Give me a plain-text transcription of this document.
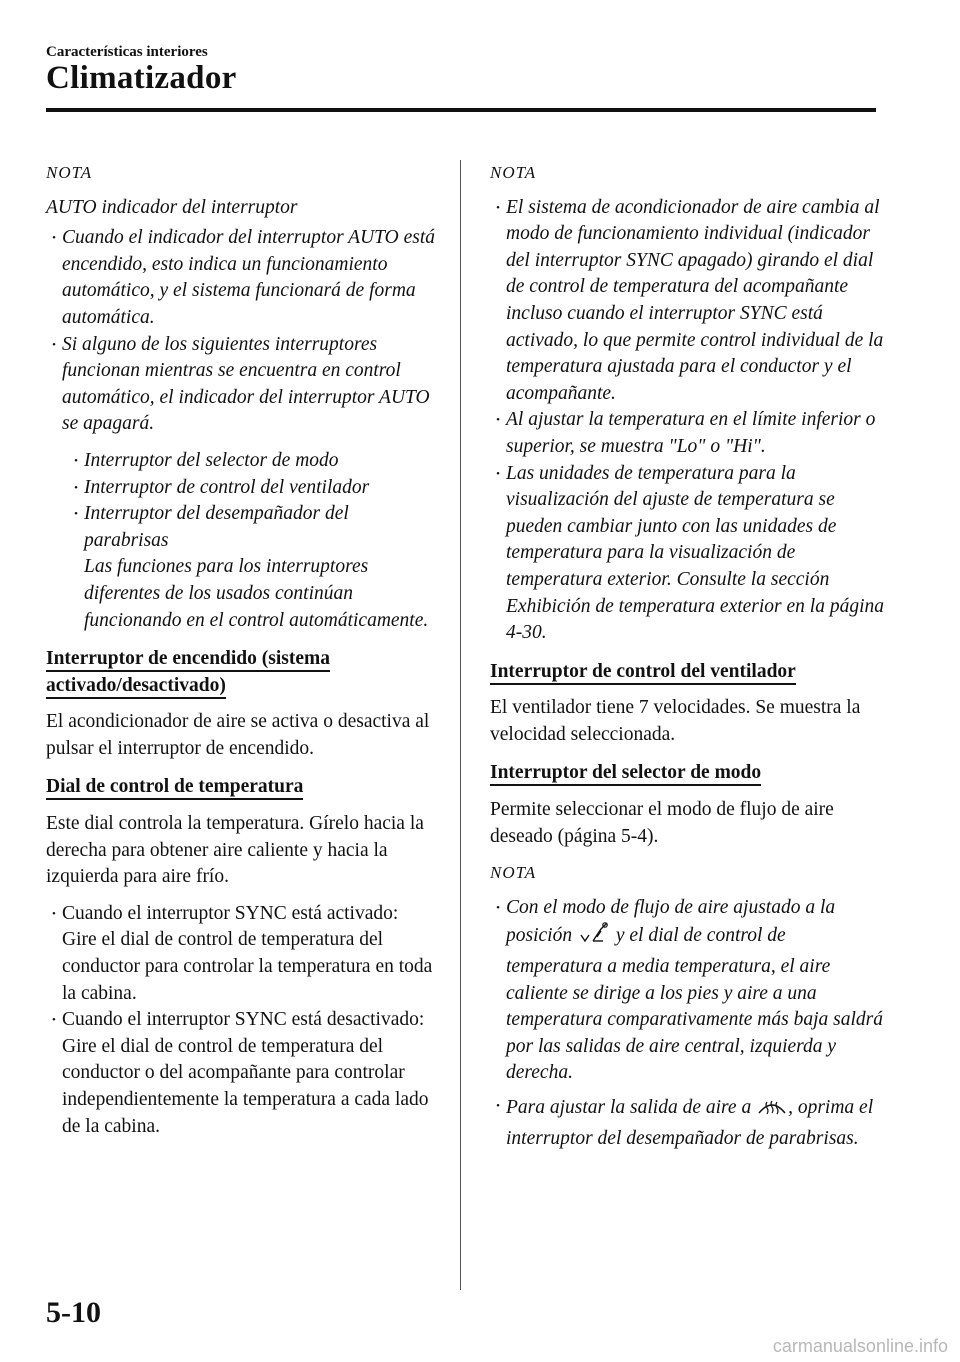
Características interiores
Climatizador
NOTA
AUTO indicador del interruptor
• Cuando el indicador del interruptor AUTO está encendido, esto indica un funcionamiento automático, y el sistema funcionará de forma automática.
• Si alguno de los siguientes interruptores funcionan mientras se encuentra en control automático, el indicador del interruptor AUTO se apagará.
• Interruptor del selector de modo
• Interruptor de control del ventilador
• Interruptor del desempañador del parabrisas
Las funciones para los interruptores diferentes de los usados continúan funcionando en el control automáticamente.
Interruptor de encendido (sistema activado/desactivado)
El acondicionador de aire se activa o desactiva al pulsar el interruptor de encendido.
Dial de control de temperatura
Este dial controla la temperatura. Gírelo hacia la derecha para obtener aire caliente y hacia la izquierda para aire frío.
• Cuando el interruptor SYNC está activado:
Gire el dial de control de temperatura del conductor para controlar la temperatura en toda la cabina.
• Cuando el interruptor SYNC está desactivado:
Gire el dial de control de temperatura del conductor o del acompañante para controlar independientemente la temperatura a cada lado de la cabina.
NOTA
• El sistema de acondicionador de aire cambia al modo de funcionamiento individual (indicador del interruptor SYNC apagado) girando el dial de control de temperatura del acompañante incluso cuando el interruptor SYNC está activado, lo que permite control individual de la temperatura ajustada para el conductor y el acompañante.
• Al ajustar la temperatura en el límite inferior o superior, se muestra "Lo" o "Hi".
• Las unidades de temperatura para la visualización del ajuste de temperatura se pueden cambiar junto con las unidades de temperatura para la visualización de temperatura exterior. Consulte la sección Exhibición de temperatura exterior en la página 4-30.
Interruptor de control del ventilador
El ventilador tiene 7 velocidades. Se muestra la velocidad seleccionada.
Interruptor del selector de modo
Permite seleccionar el modo de flujo de aire deseado (página 5-4).
NOTA
• Con el modo de flujo de aire ajustado a la posición y el dial de control de temperatura a media temperatura, el aire caliente se dirige a los pies y aire a una temperatura comparativamente más baja saldrá por las salidas de aire central, izquierda y derecha.
• Para ajustar la salida de aire a , oprima el interruptor del desempañador de parabrisas.
5-10
carmanualsonline.info
